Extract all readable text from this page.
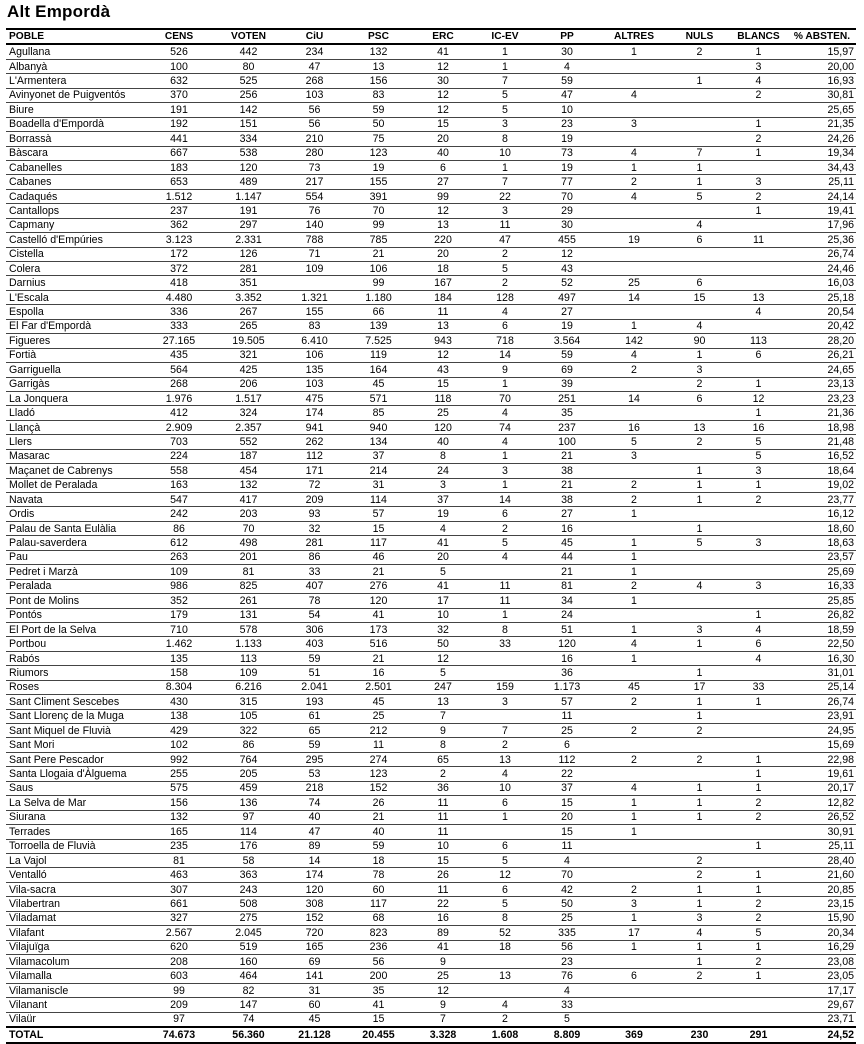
Alt Empordà
POBLE	CENS	VOTEN	CiU	PSC	ERC	IC-EV	PP	ALTRES	NULS	BLANCS	% ABSTEN.
Agullana	526	442	234	132	41	1	30	1	2	1	15,97
Albanyà	100	80	47	13	12	1	4			3	20,00
L'Armentera	632	525	268	156	30	7	59		1	4	16,93
Avinyonet de Puigventós	370	256	103	83	12	5	47	4		2	30,81
Biure	191	142	56	59	12	5	10				25,65
Boadella d'Empordà	192	151	56	50	15	3	23	3		1	21,35
Borrassà	441	334	210	75	20	8	19			2	24,26
Bàscara	667	538	280	123	40	10	73	4	7	1	19,34
Cabanelles	183	120	73	19	6	1	19	1	1		34,43
Cabanes	653	489	217	155	27	7	77	2	1	3	25,11
Cadaqués	1.512	1.147	554	391	99	22	70	4	5	2	24,14
Cantallops	237	191	76	70	12	3	29			1	19,41
Capmany	362	297	140	99	13	11	30		4		17,96
Castelló d'Empúries	3.123	2.331	788	785	220	47	455	19	6	11	25,36
Cistella	172	126	71	21	20	2	12				26,74
Colera	372	281	109	106	18	5	43				24,46
Darnius	418	351		99	167	2	52	25	6		16,03
L'Escala	4.480	3.352	1.321	1.180	184	128	497	14	15	13	25,18
Espolla	336	267	155	66	11	4	27			4	20,54
El Far d'Empordà	333	265	83	139	13	6	19	1	4		20,42
Figueres	27.165	19.505	6.410	7.525	943	718	3.564	142	90	113	28,20
Fortià	435	321	106	119	12	14	59	4	1	6	26,21
Garriguella	564	425	135	164	43	9	69	2	3		24,65
Garrigàs	268	206	103	45	15	1	39		2	1	23,13
La Jonquera	1.976	1.517	475	571	118	70	251	14	6	12	23,23
Lladó	412	324	174	85	25	4	35			1	21,36
Llançà	2.909	2.357	941	940	120	74	237	16	13	16	18,98
Llers	703	552	262	134	40	4	100	5	2	5	21,48
Masarac	224	187	112	37	8	1	21	3		5	16,52
Maçanet de Cabrenys	558	454	171	214	24	3	38		1	3	18,64
Mollet de Peralada	163	132	72	31	3	1	21	2	1	1	19,02
Navata	547	417	209	114	37	14	38	2	1	2	23,77
Ordis	242	203	93	57	19	6	27	1			16,12
Palau de Santa Eulàlia	86	70	32	15	4	2	16		1		18,60
Palau-saverdera	612	498	281	117	41	5	45	1	5	3	18,63
Pau	263	201	86	46	20	4	44	1			23,57
Pedret i Marzà	109	81	33	21	5		21	1			25,69
Peralada	986	825	407	276	41	11	81	2	4	3	16,33
Pont de Molins	352	261	78	120	17	11	34	1			25,85
Pontós	179	131	54	41	10	1	24			1	26,82
El Port de la Selva	710	578	306	173	32	8	51	1	3	4	18,59
Portbou	1.462	1.133	403	516	50	33	120	4	1	6	22,50
Rabós	135	113	59	21	12		16	1		4	16,30
Riumors	158	109	51	16	5		36		1		31,01
Roses	8.304	6.216	2.041	2.501	247	159	1.173	45	17	33	25,14
Sant Climent Sescebes	430	315	193	45	13	3	57	2	1	1	26,74
Sant Llorenç de la Muga	138	105	61	25	7		11		1		23,91
Sant Miquel de Fluvià	429	322	65	212	9	7	25	2	2		24,95
Sant Mori	102	86	59	11	8	2	6				15,69
Sant Pere Pescador	992	764	295	274	65	13	112	2	2	1	22,98
Santa Llogaia d'Àlguema	255	205	53	123	2	4	22			1	19,61
Saus	575	459	218	152	36	10	37	4	1	1	20,17
La Selva de Mar	156	136	74	26	11	6	15	1	1	2	12,82
Siurana	132	97	40	21	11	1	20	1	1	2	26,52
Terrades	165	114	47	40	11		15	1			30,91
Torroella de Fluvià	235	176	89	59	10	6	11			1	25,11
La Vajol	81	58	14	18	15	5	4		2		28,40
Ventalló	463	363	174	78	26	12	70		2	1	21,60
Vila-sacra	307	243	120	60	11	6	42	2	1	1	20,85
Vilabertran	661	508	308	117	22	5	50	3	1	2	23,15
Viladamat	327	275	152	68	16	8	25	1	3	2	15,90
Vilafant	2.567	2.045	720	823	89	52	335	17	4	5	20,34
Vilajuïga	620	519	165	236	41	18	56	1	1	1	16,29
Vilamacolum	208	160	69	56	9		23		1	2	23,08
Vilamalla	603	464	141	200	25	13	76	6	2	1	23,05
Vilamaniscle	99	82	31	35	12		4				17,17
Vilanant	209	147	60	41	9	4	33				29,67
Vilaür	97	74	45	15	7	2	5				23,71
TOTAL	74.673	56.360	21.128	20.455	3.328	1.608	8.809	369	230	291	24,52
